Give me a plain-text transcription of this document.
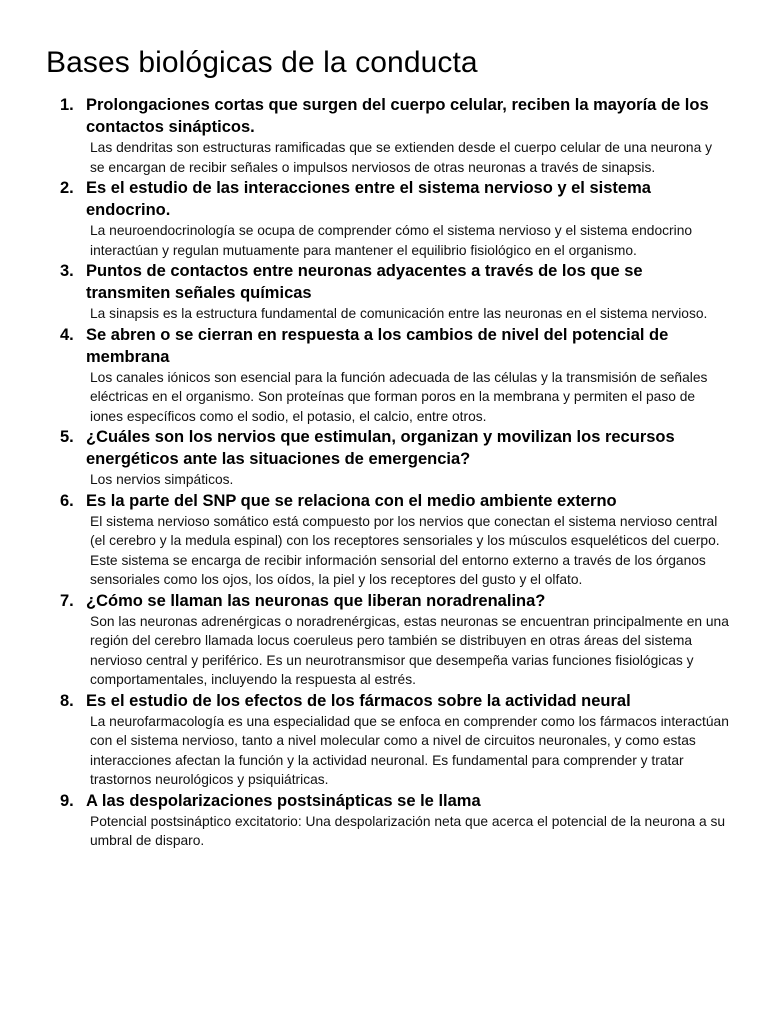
Bases biológicas de la conducta
1. Prolongaciones cortas que surgen del cuerpo celular, reciben la mayoría de los contactos sinápticos.

Las dendritas son estructuras ramificadas que se extienden desde el cuerpo celular de una neurona y se encargan de recibir señales o impulsos nerviosos de otras neuronas a través de sinapsis.

2. Es el estudio de las interacciones entre el sistema nervioso y el sistema endocrino.

La neuroendocrinología se ocupa de comprender cómo el sistema nervioso y el sistema endocrino interactúan y regulan mutuamente para mantener el equilibrio fisiológico en el organismo.

3. Puntos de contactos entre neuronas adyacentes a través de los que se transmiten señales químicas

La sinapsis es la estructura fundamental de comunicación entre las neuronas en el sistema nervioso.

4. Se abren o se cierran en respuesta a los cambios de nivel del potencial de membrana

Los canales iónicos son esencial para la función adecuada de las células y la transmisión de señales eléctricas en el organismo. Son proteínas que forman poros en la membrana y permiten el paso de iones específicos como el sodio, el potasio, el calcio, entre otros.

5. ¿Cuáles son los nervios que estimulan, organizan y movilizan los recursos energéticos ante las situaciones de emergencia?

Los nervios simpáticos.

6. Es la parte del SNP que se relaciona con el medio ambiente externo

El sistema nervioso somático está compuesto por los nervios que conectan el sistema nervioso central (el cerebro y la medula espinal) con los receptores sensoriales y los músculos esqueléticos del cuerpo. Este sistema se encarga de recibir información sensorial del entorno externo a través de los órganos sensoriales como los ojos, los oídos, la piel y los receptores del gusto y el olfato.

7. ¿Cómo se llaman las neuronas que liberan noradrenalina?

Son las neuronas adrenérgicas o noradrenérgicas, estas neuronas se encuentran principalmente en una región del cerebro llamada locus coeruleus pero también se distribuyen en otras áreas del sistema nervioso central y periférico. Es un neurotransmisor que desempeña varias funciones fisiológicas y comportamentales, incluyendo la respuesta al estrés.

8. Es el estudio de los efectos de los fármacos sobre la actividad neural

La neurofarmacología es una especialidad que se enfoca en comprender como los fármacos interactúan con el sistema nervioso, tanto a nivel molecular como a nivel de circuitos neuronales, y como estas interacciones afectan la función y la actividad neuronal. Es fundamental para comprender y tratar trastornos neurológicos y psiquiátricas.

9. A las despolarizaciones postsinápticas se le llama

Potencial postsináptico excitatorio: Una despolarización neta que acerca el potencial de la neurona a su umbral de disparo.
